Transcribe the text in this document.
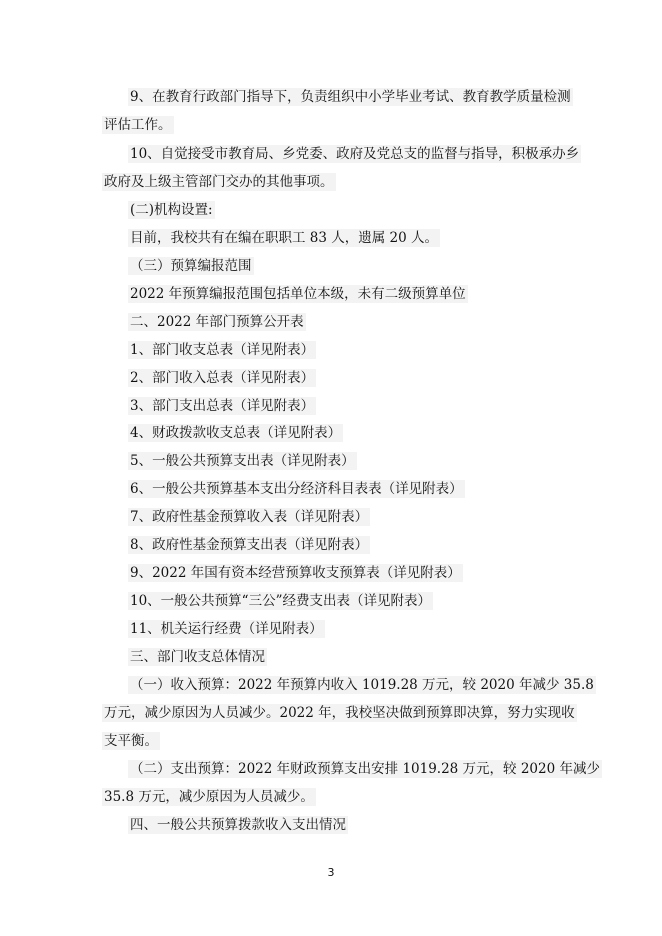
9、在教育行政部门指导下，负责组织中小学毕业考试、教育教学质量检测
评估工作。
10、自觉接受市教育局、乡党委、政府及党总支的监督与指导，积极承办乡
政府及上级主管部门交办的其他事项。
(二)机构设置:
目前，我校共有在编在职职工 83 人，遗属 20 人。
（三）预算编报范围
2022 年预算编报范围包括单位本级，未有二级预算单位
二、2022 年部门预算公开表
1、部门收支总表（详见附表）
2、部门收入总表（详见附表）
3、部门支出总表（详见附表）
4、财政拨款收支总表（详见附表）
5、一般公共预算支出表（详见附表）
6、一般公共预算基本支出分经济科目表表（详见附表）
7、政府性基金预算收入表（详见附表）
8、政府性基金预算支出表（详见附表）
9、2022 年国有资本经营预算收支预算表（详见附表）
10、一般公共预算“三公”经费支出表（详见附表）
11、机关运行经费（详见附表）
三、部门收支总体情况
（一）收入预算：2022 年预算内收入 1019.28 万元，较 2020 年减少 35.8
万元，减少原因为人员减少。2022 年，我校坚决做到预算即决算，努力实现收
支平衡。
（二）支出预算：2022 年财政预算支出安排 1019.28 万元，较 2020 年减少
35.8 万元，减少原因为人员减少。
四、一般公共预算拨款收入支出情况
3
